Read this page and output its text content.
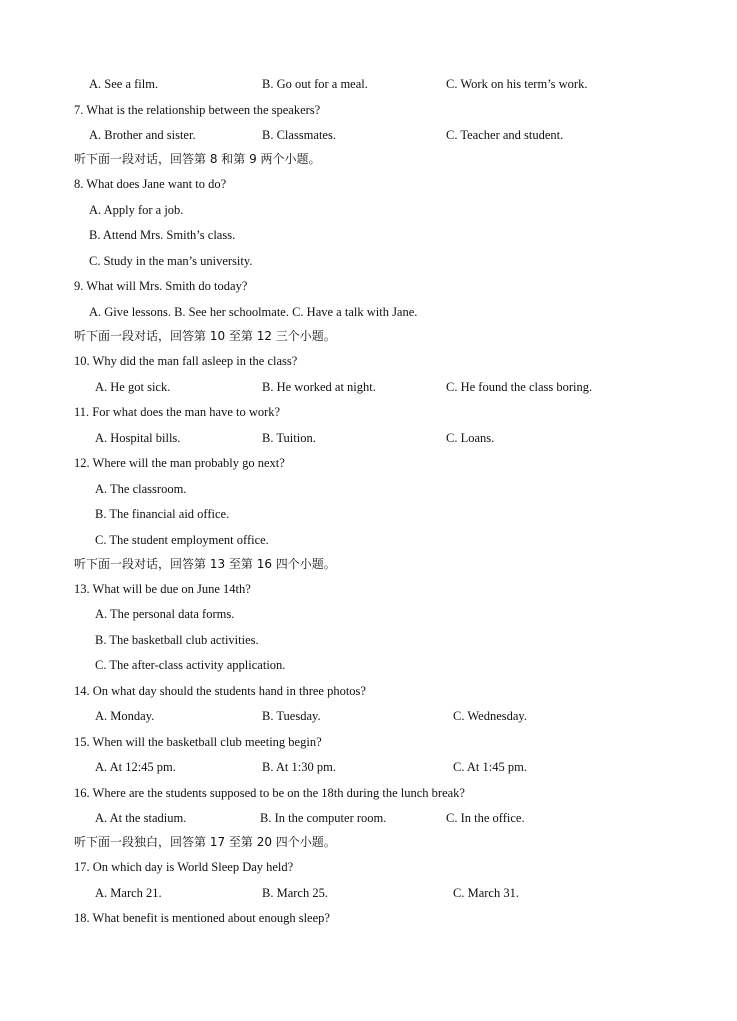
A. See a film.	B. Go out for a meal.	C. Work on his term’s work.
7. What is the relationship between the speakers?
A. Brother and sister.	B. Classmates.	C. Teacher and student.
听下面一段对话，回答第 8 和第 9 两个小题。
8. What does Jane want to do?
A. Apply for a job.
B. Attend Mrs. Smith’s class.
C. Study in the man’s university.
9. What will Mrs. Smith do today?
A. Give lessons. B. See her schoolmate. C. Have a talk with Jane.
听下面一段对话，回答第 10 至第 12 三个小题。
10. Why did the man fall asleep in the class?
A. He got sick.	B. He worked at night.	C. He found the class boring.
11. For what does the man have to work?
A. Hospital bills.	B. Tuition.	C. Loans.
12. Where will the man probably go next?
A. The classroom.
B. The financial aid office.
C. The student employment office.
听下面一段对话，回答第 13 至第 16 四个小题。
13. What will be due on June 14th?
A. The personal data forms.
B. The basketball club activities.
C. The after-class activity application.
14. On what day should the students hand in three photos?
A. Monday.	B. Tuesday.	C. Wednesday.
15. When will the basketball club meeting begin?
A. At 12:45 pm.	B. At 1:30 pm.	C. At 1:45 pm.
16. Where are the students supposed to be on the 18th during the lunch break?
A. At the stadium.	B. In the computer room.	C. In the office.
听下面一段独白，回答第 17 至第 20 四个小题。
17. On which day is World Sleep Day held?
A. March 21.	B. March 25.	C. March 31.
18. What benefit is mentioned about enough sleep?
